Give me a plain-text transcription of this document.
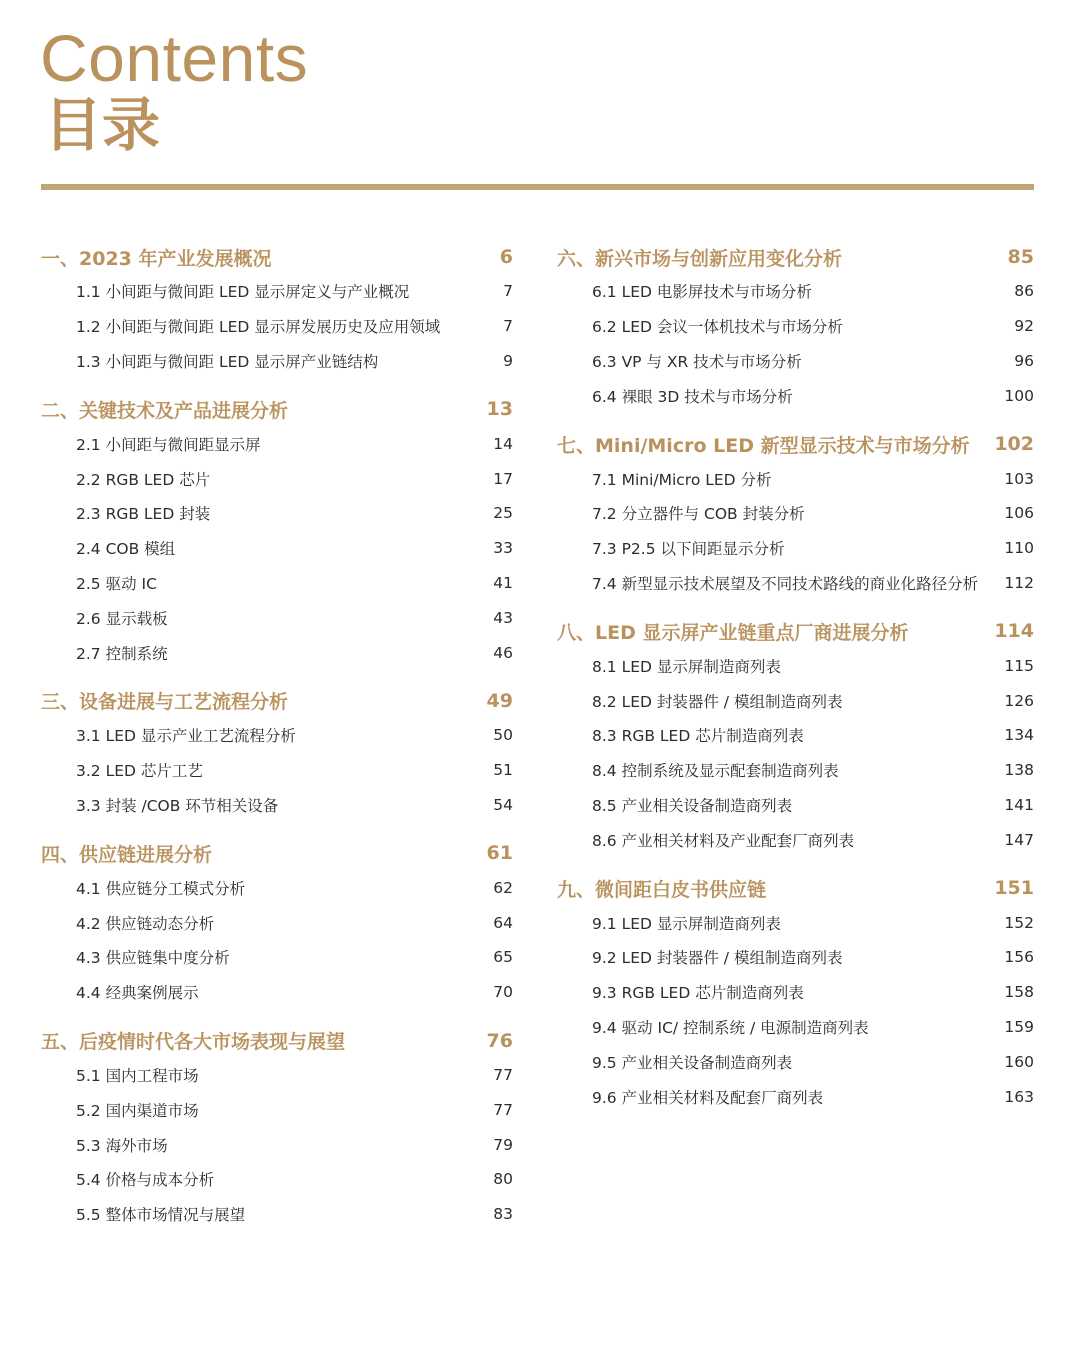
Contents
目录
一、2023 年产业发展概况	6
1.1 小间距与微间距 LED 显示屏定义与产业概况	7
1.2 小间距与微间距 LED 显示屏发展历史及应用领域	7
1.3 小间距与微间距 LED 显示屏产业链结构	9
二、关键技术及产品进展分析	13
2.1 小间距与微间距显示屏	14
2.2 RGB LED 芯片	17
2.3 RGB LED 封装	25
2.4 COB 模组	33
2.5 驱动 IC	41
2.6 显示载板	43
2.7 控制系统	46
三、设备进展与工艺流程分析	49
3.1 LED 显示产业工艺流程分析	50
3.2 LED 芯片工艺	51
3.3 封装 /COB 环节相关设备	54
四、供应链进展分析	61
4.1 供应链分工模式分析	62
4.2 供应链动态分析	64
4.3 供应链集中度分析	65
4.4 经典案例展示	70
五、后疫情时代各大市场表现与展望	76
5.1 国内工程市场	77
5.2 国内渠道市场	77
5.3 海外市场	79
5.4 价格与成本分析	80
5.5 整体市场情况与展望	83
六、新兴市场与创新应用变化分析	85
6.1 LED 电影屏技术与市场分析	86
6.2 LED 会议一体机技术与市场分析	92
6.3 VP 与 XR 技术与市场分析	96
6.4 裸眼 3D 技术与市场分析	100
七、Mini/Micro LED 新型显示技术与市场分析 102
7.1 Mini/Micro LED 分析	103
7.2 分立器件与 COB 封装分析	106
7.3 P2.5 以下间距显示分析	110
7.4 新型显示技术展望及不同技术路线的商业化路径分析 112
八、LED 显示屏产业链重点厂商进展分析	114
8.1 LED 显示屏制造商列表	115
8.2 LED 封装器件 / 模组制造商列表	126
8.3 RGB LED 芯片制造商列表	134
8.4 控制系统及显示配套制造商列表	138
8.5 产业相关设备制造商列表	141
8.6 产业相关材料及产业配套厂商列表	147
九、微间距白皮书供应链	151
9.1 LED 显示屏制造商列表	152
9.2 LED 封装器件 / 模组制造商列表	156
9.3 RGB LED 芯片制造商列表	158
9.4 驱动 IC/ 控制系统 / 电源制造商列表	159
9.5 产业相关设备制造商列表	160
9.6 产业相关材料及配套厂商列表	163
